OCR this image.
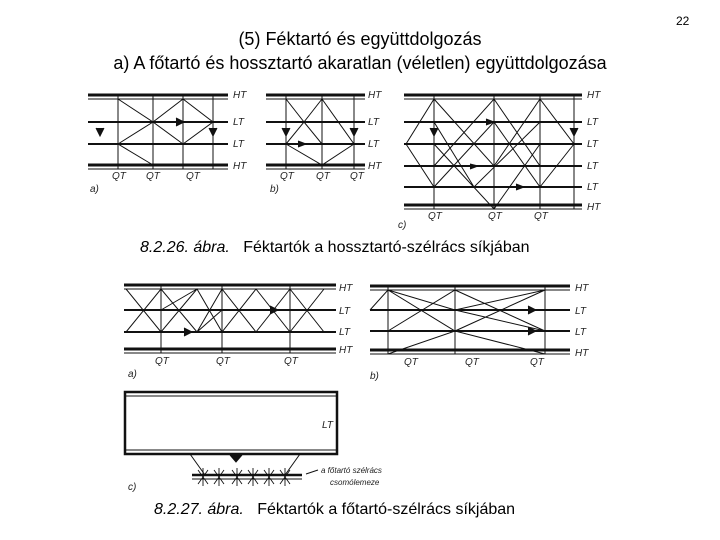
(5) Féktartó és együttdolgozás
a) A főtartó és hossztartó akaratlan (véletlen) együttdolgozása
22
HT
LT
LT
HT
QT QT	QT
a)
HT
LT
LT
HT
QT QT QT
b)
HT
LT
LT
LT
LT
HT
QT	QT	QT
c)
HT
LT
LT
HT
QT	QT	QT
a)
HT
LT
LT
HT
QT	QT	QT
b)
LT
a főtartó szélrács
csomólemeze
c)
8.2.26. ábra. Féktartók a hossztartó-szélrács síkjában
8.2.27. ábra. Féktartók a főtartó-szélrács síkjában
